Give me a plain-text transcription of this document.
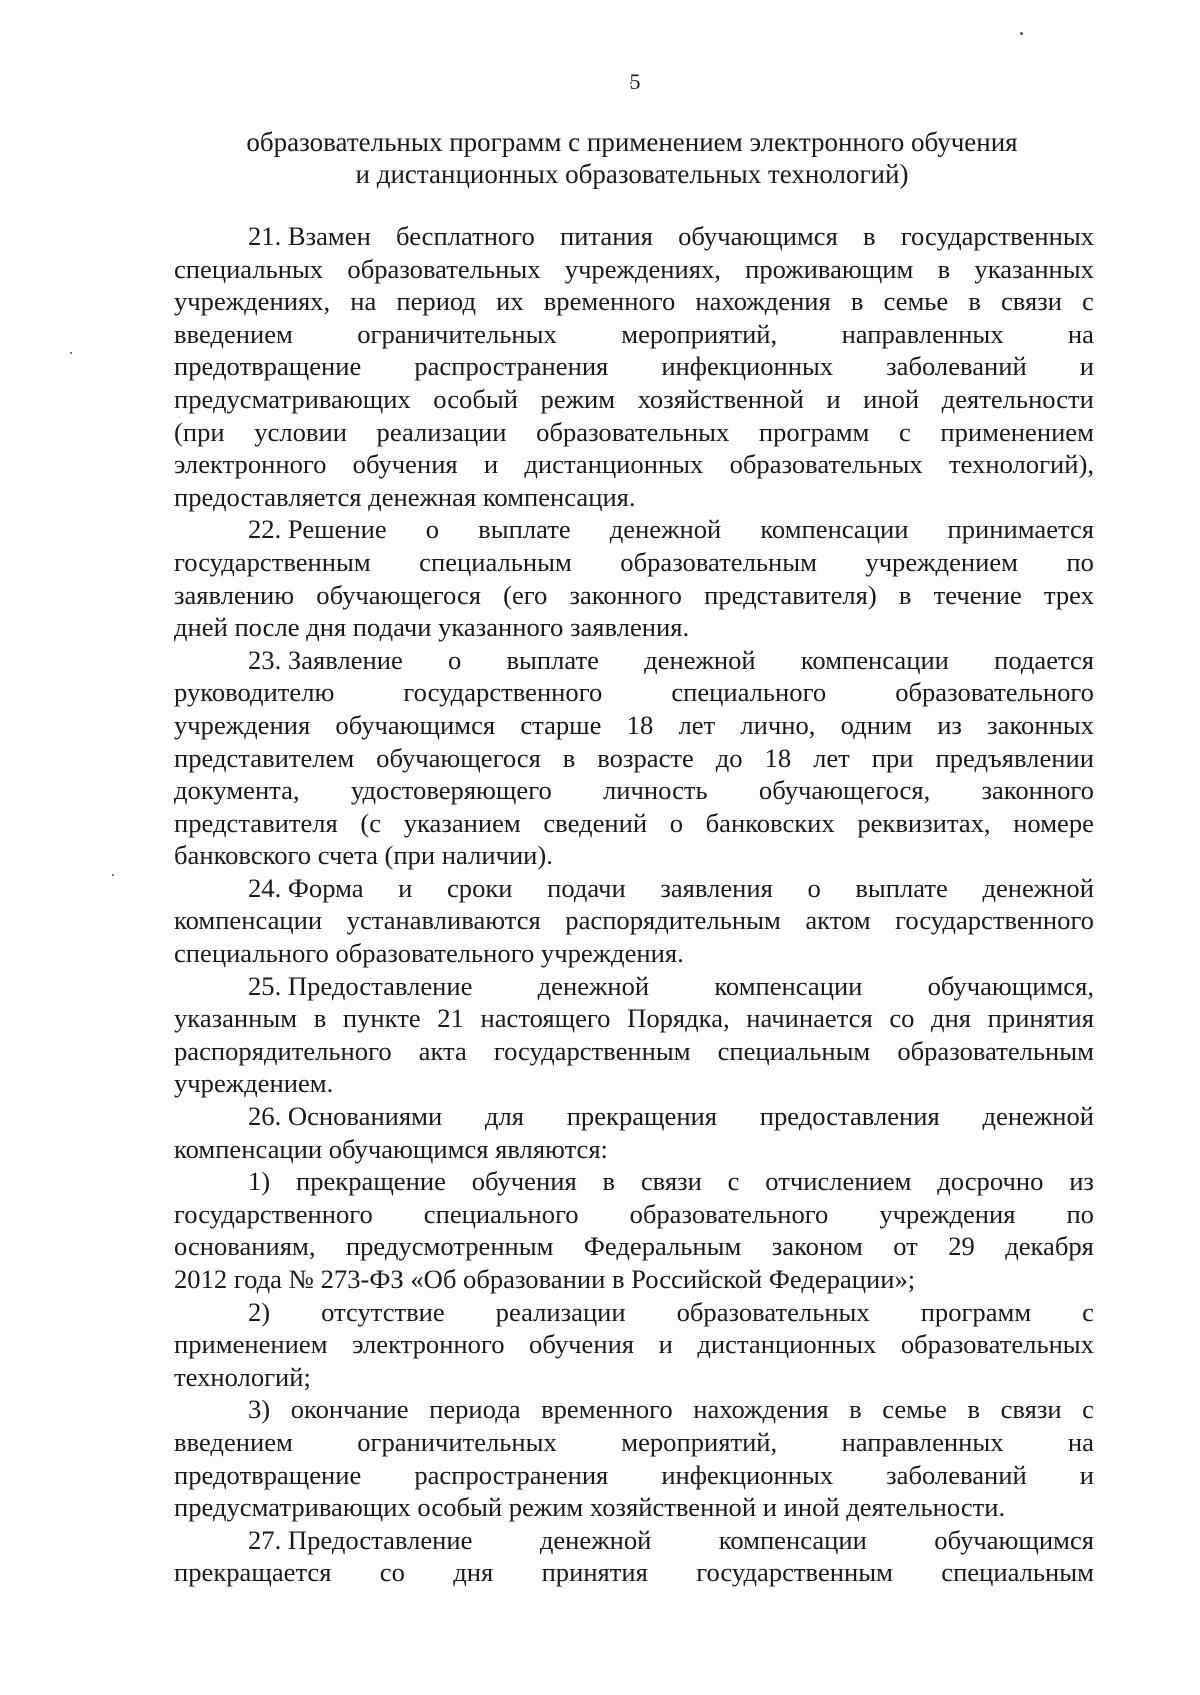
5
образовательных программ с применением электронного обучения
и дистанционных образовательных технологий)
21. Взамен бесплатного питания обучающимся в государственных
специальных образовательных учреждениях, проживающим в указанных
учреждениях, на период их временного нахождения в семье в связи с
введением ограничительных мероприятий, направленных на
предотвращение распространения инфекционных заболеваний и
предусматривающих особый режим хозяйственной и иной деятельности
(при условии реализации образовательных программ с применением
электронного обучения и дистанционных образовательных технологий),
предоставляется денежная компенсация.
22. Решение о выплате денежной компенсации принимается
государственным специальным образовательным учреждением по
заявлению обучающегося (его законного представителя) в течение трех
дней после дня подачи указанного заявления.
23. Заявление о выплате денежной компенсации подается
руководителю	государственного	специального	образовательного
учреждения обучающимся старше 18 лет лично, одним из законных
представителем обучающегося в возрасте до 18 лет при предъявлении
документа, удостоверяющего личность обучающегося, законного
представителя (с указанием сведений о банковских реквизитах, номере
банковского счета (при наличии).
24. Форма и сроки подачи заявления о выплате денежной
компенсации устанавливаются распорядительным актом государственного
специального образовательного учреждения.
25. Предоставление денежной компенсации обучающимся,
указанным в пункте 21 настоящего Порядка, начинается со дня принятия
распорядительного акта государственным специальным образовательным
учреждением.
26. Основаниями для прекращения предоставления денежной
компенсации обучающимся являются:
1) прекращение обучения в связи с отчислением досрочно из
государственного специального образовательного учреждения по
основаниям, предусмотренным Федеральным законом от 29 декабря
2012 года № 273-ФЗ «Об образовании в Российской Федерации»;
2) отсутствие реализации образовательных программ с
применением электронного обучения и дистанционных образовательных
технологий;
3) окончание периода временного нахождения в семье в связи с
введением ограничительных мероприятий, направленных на
предотвращение распространения инфекционных заболеваний и
предусматривающих особый режим хозяйственной и иной деятельности.
27. Предоставление	денежной	компенсации	обучающимся
прекращается со дня принятия государственным специальным
